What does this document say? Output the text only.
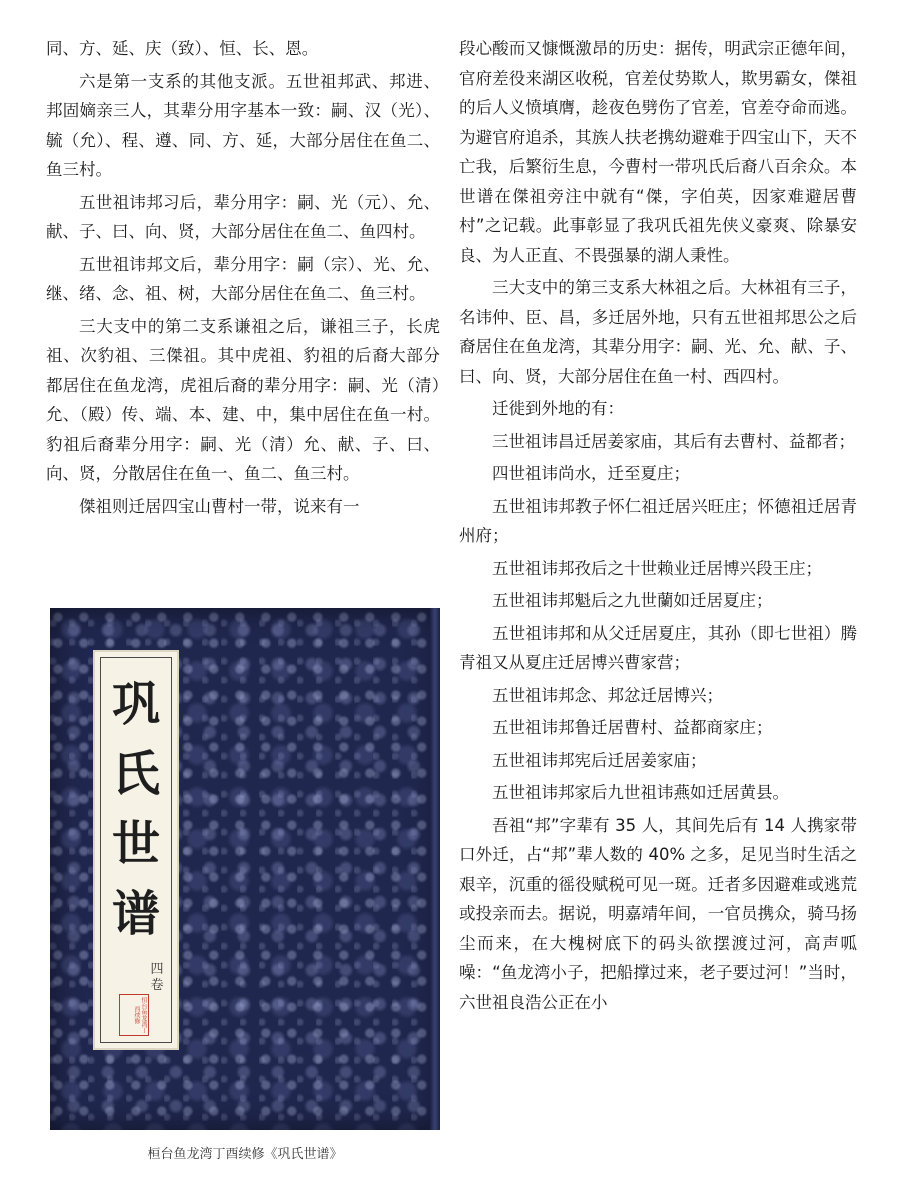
同、方、延、庆（致）、恒、长、恩。

六是第一支系的其他支派。五世祖邦武、邦进、邦固嫡亲三人，其辈分用字基本一致：嗣、汉（光）、毓（允）、程、遵、同、方、延，大部分居住在鱼二、鱼三村。

五世祖讳邦习后，辈分用字：嗣、光（元）、允、献、子、曰、向、贤，大部分居住在鱼二、鱼四村。

五世祖讳邦文后，辈分用字：嗣（宗）、光、允、继、绪、念、祖、树，大部分居住在鱼二、鱼三村。

三大支中的第二支系谦祖之后，谦祖三子，长虎祖、次豹祖、三傑祖。其中虎祖、豹祖的后裔大部分都居住在鱼龙湾，虎祖后裔的辈分用字：嗣、光（清）允、（殿）传、端、本、建、中，集中居住在鱼一村。豹祖后裔辈分用字：嗣、光（清）允、献、子、曰、向、贤，分散居住在鱼一、鱼二、鱼三村。

傑祖则迁居四宝山曹村一带，说来有一

巩
氏
世
谱
四卷
恒台鱼龙湾丁酉续修
桓台鱼龙湾丁酉续修《巩氏世谱》

段心酸而又慷慨激昂的历史：据传，明武宗正德年间，官府差役来湖区收税，官差仗势欺人，欺男霸女，傑祖的后人义愤填膺，趁夜色劈伤了官差，官差夺命而逃。为避官府追杀，其族人扶老携幼避难于四宝山下，天不亡我，后繁衍生息，今曹村一带巩氏后裔八百余众。本世谱在傑祖旁注中就有“傑，字伯英，因家难避居曹村”之记载。此事彰显了我巩氏祖先侠义豪爽、除暴安良、为人正直、不畏强暴的湖人秉性。

三大支中的第三支系大林祖之后。大林祖有三子，名讳仲、臣、昌，多迁居外地，只有五世祖邦思公之后裔居住在鱼龙湾，其辈分用字：嗣、光、允、献、子、曰、向、贤，大部分居住在鱼一村、西四村。

迁徙到外地的有：

三世祖讳昌迁居姜家庙，其后有去曹村、益都者；

四世祖讳尚水，迁至夏庄；

五世祖讳邦教子怀仁祖迁居兴旺庄；怀德祖迁居青州府；

五世祖讳邦孜后之十世赖业迁居博兴段王庄；

五世祖讳邦魁后之九世蘭如迁居夏庄；

五世祖讳邦和从父迁居夏庄，其孙（即七世祖）腾青祖又从夏庄迁居博兴曹家营；

五世祖讳邦念、邦忿迁居博兴；

五世祖讳邦鲁迁居曹村、益都商家庄；

五世祖讳邦宪后迁居姜家庙；

五世祖讳邦家后九世祖讳燕如迁居黄县。

吾祖“邦”字辈有 35 人，其间先后有 14 人携家带口外迁，占“邦”辈人数的 40% 之多，足见当时生活之艰辛，沉重的徭役赋税可见一斑。迁者多因避难或逃荒或投亲而去。据说，明嘉靖年间，一官员携众，骑马扬尘而来，在大槐树底下的码头欲摆渡过河，高声呱噪：“鱼龙湾小子，把船撑过来，老子要过河！”当时，六世祖良浩公正在小
